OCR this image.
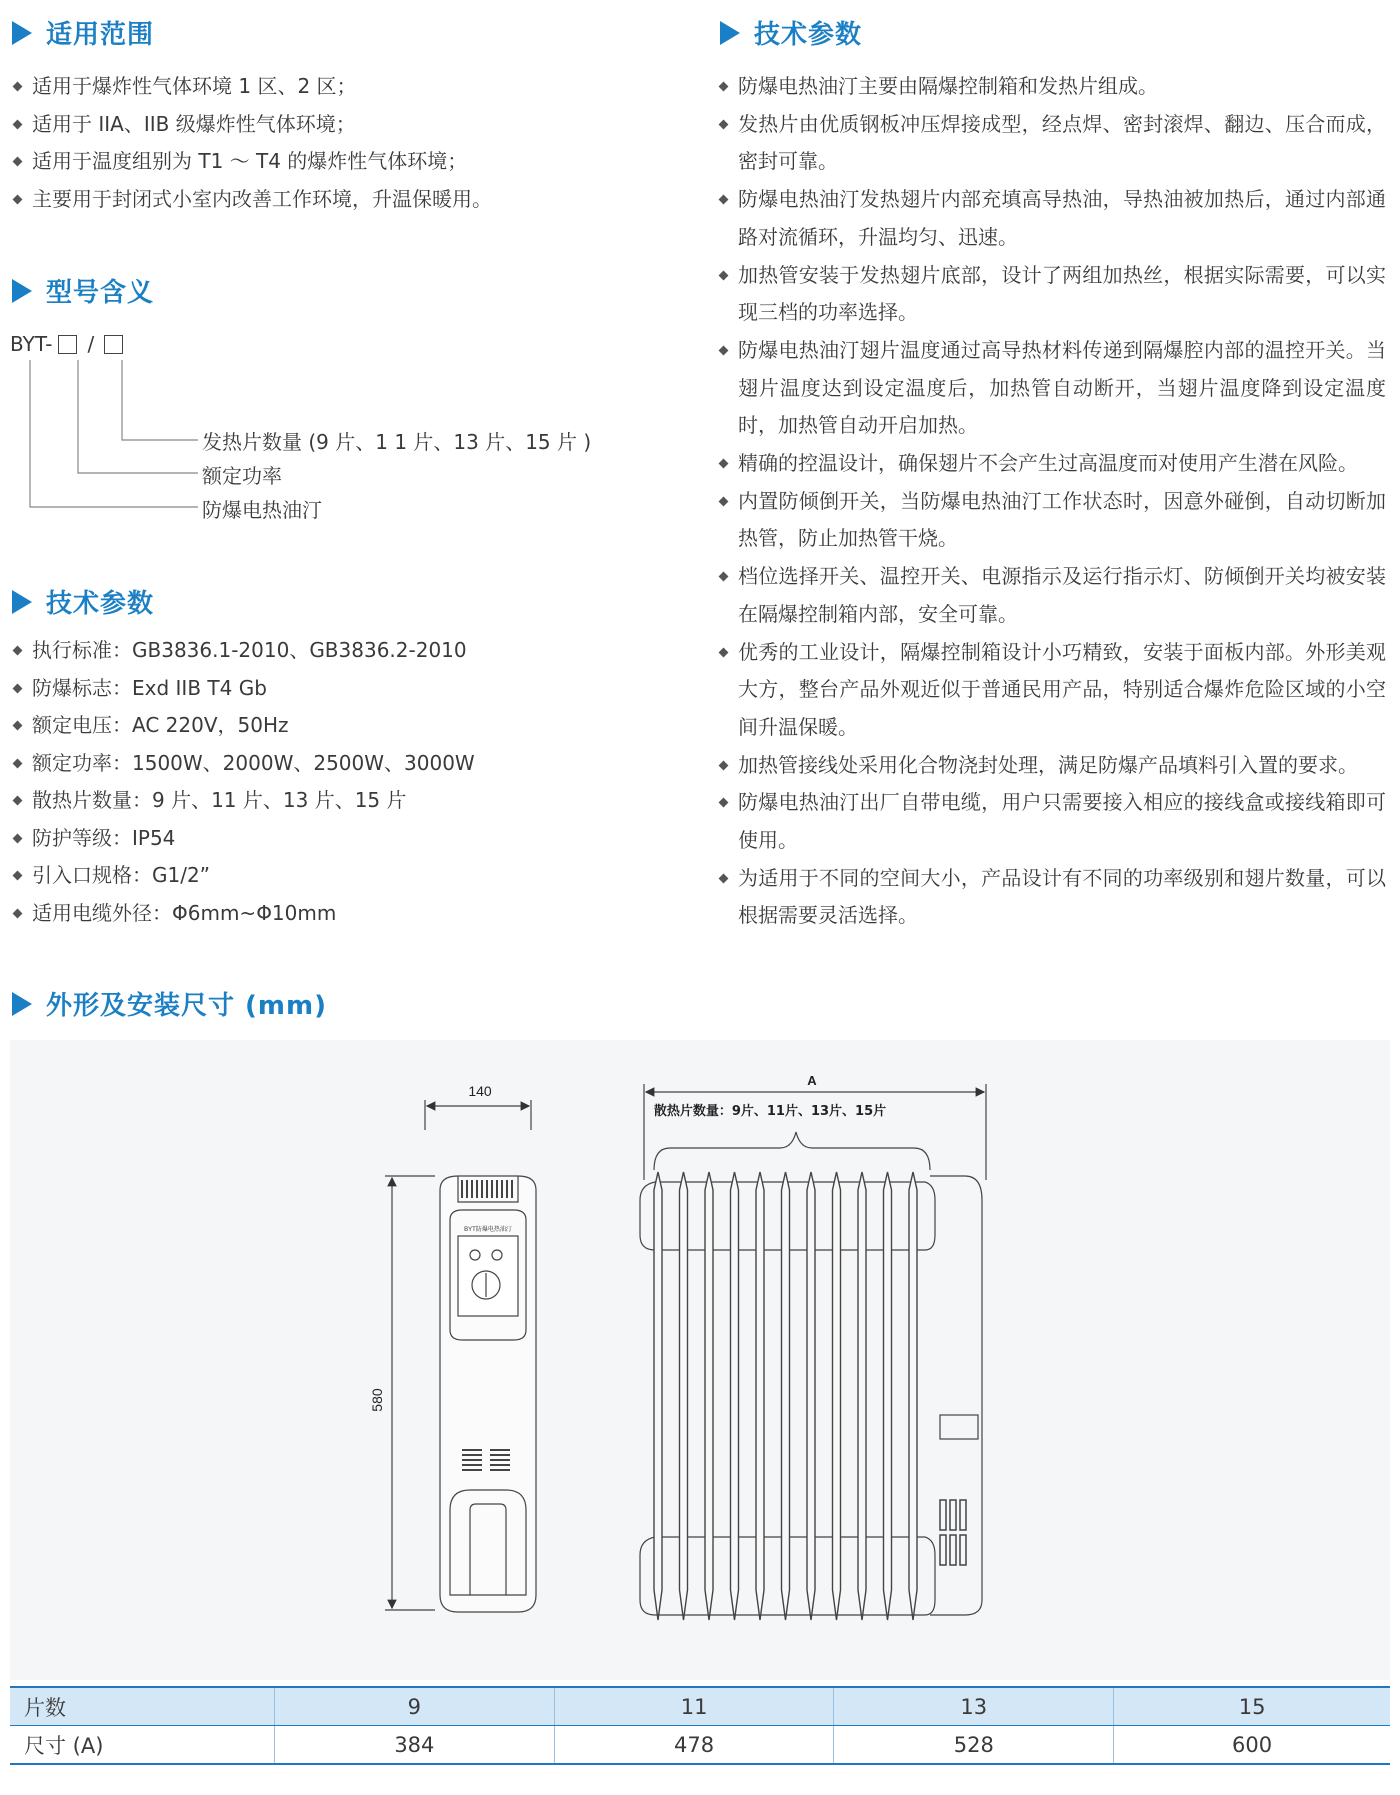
适用范围
适用于爆炸性气体环境 1 区、2 区；
适用于 IIA、IIB 级爆炸性气体环境；
适用于温度组别为 T1 ～ T4 的爆炸性气体环境；
主要用于封闭式小室内改善工作环境，升温保暖用。
型号含义
BYT- /
发热片数量 (9 片、1 1 片、13 片、15 片 )
额定功率
防爆电热油汀
技术参数
执行标准：GB3836.1-2010、GB3836.2-2010
防爆标志：Exd IIB T4 Gb
额定电压：AC 220V，50Hz
额定功率：1500W、2000W、2500W、3000W
散热片数量：9 片、11 片、13 片、15 片
防护等级：IP54
引入口规格：G1/2”
适用电缆外径：Φ6mm~Φ10mm
技术参数
防爆电热油汀主要由隔爆控制箱和发热片组成。
发热片由优质钢板冲压焊接成型，经点焊、密封滚焊、翻边、压合而成，密封可靠。
防爆电热油汀发热翅片内部充填高导热油，导热油被加热后，通过内部通路对流循环，升温均匀、迅速。
加热管安装于发热翅片底部，设计了两组加热丝，根据实际需要，可以实现三档的功率选择。
防爆电热油汀翅片温度通过高导热材料传递到隔爆腔内部的温控开关。当翅片温度达到设定温度后，加热管自动断开，当翅片温度降到设定温度时，加热管自动开启加热。
精确的控温设计，确保翅片不会产生过高温度而对使用产生潜在风险。
内置防倾倒开关，当防爆电热油汀工作状态时，因意外碰倒，自动切断加热管，防止加热管干烧。
档位选择开关、温控开关、电源指示及运行指示灯、防倾倒开关均被安装在隔爆控制箱内部，安全可靠。
优秀的工业设计，隔爆控制箱设计小巧精致，安装于面板内部。外形美观大方，整台产品外观近似于普通民用产品，特别适合爆炸危险区域的小空间升温保暖。
加热管接线处采用化合物浇封处理，满足防爆产品填料引入置的要求。
防爆电热油汀出厂自带电缆，用户只需要接入相应的接线盒或接线箱即可使用。
为适用于不同的空间大小，产品设计有不同的功率级别和翅片数量，可以根据需要灵活选择。
外形及安装尺寸 (mm)
140
580
BYT防爆电热油汀
A
散热片数量：9片、11片、13片、15片
片数	9	11	13	15
尺寸 (A)	384	478	528	600
